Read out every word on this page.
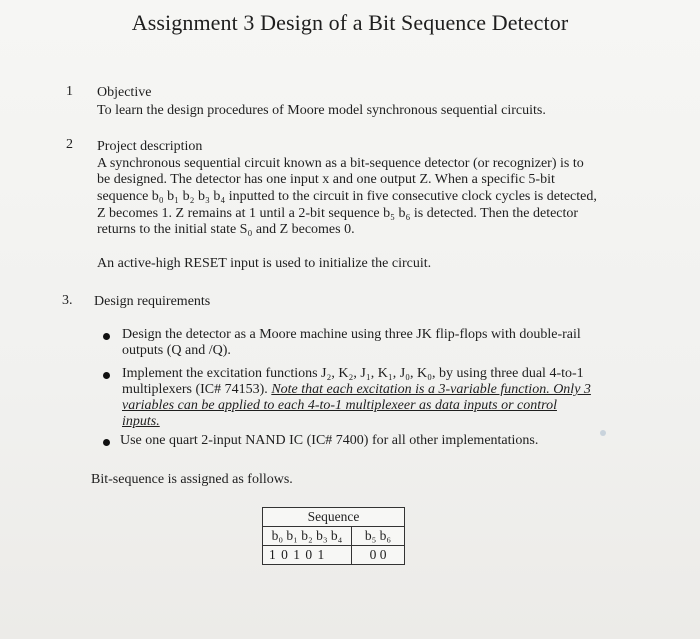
Assignment 3 Design of a Bit Sequence Detector
1 Objective
To learn the design procedures of Moore model synchronous sequential circuits.
2 Project description
A synchronous sequential circuit known as a bit-sequence detector (or recognizer) is to
be designed. The detector has one input x and one output Z. When a specific 5-bit
sequence b₀ b₁ b₂ b₃ b₄ inputted to the circuit in five consecutive clock cycles is detected,
Z becomes 1. Z remains at 1 until a 2-bit sequence b₅ b₆ is detected. Then the detector
returns to the initial state S₀ and Z becomes 0.
An active-high RESET input is used to initialize the circuit.
3. Design requirements
Design the detector as a Moore machine using three JK flip-flops with double-rail
outputs (Q and /Q).
Implement the excitation functions J₂, K₂, J₁, K₁, J₀, K₀, by using three dual 4-to-1
multiplexers (IC# 74153). Note that each excitation is a 3-variable function. Only 3
variables can be applied to each 4-to-1 multiplexeer as data inputs or control
inputs.
Use one quart 2-input NAND IC (IC# 7400) for all other implementations.
Bit-sequence is assigned as follows.
Sequence	
b₀ b₁ b₂ b₃ b₄	b₅ b₆
1 0 1 0 1	0 0
